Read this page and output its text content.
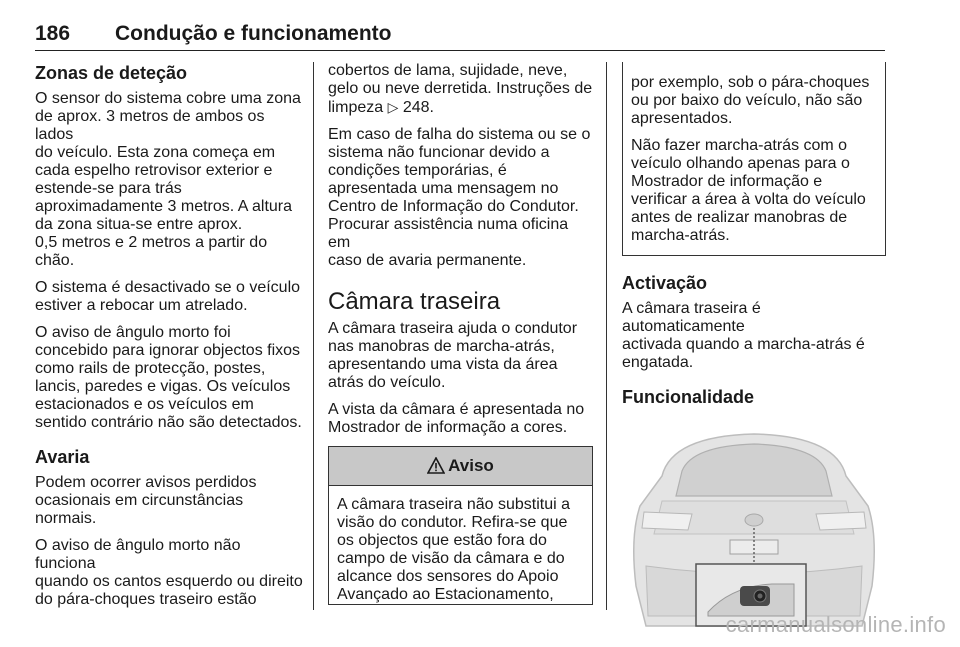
186 Condução e funcionamento
Zonas de deteção

O sensor do sistema cobre uma zona
de aprox. 3 metros de ambos os lados
do veículo. Esta zona começa em
cada espelho retrovisor exterior e
estende-se para trás
aproximadamente 3 metros. A altura
da zona situa-se entre aprox.
0,5 metros e 2 metros a partir do
chão.

O sistema é desactivado se o veículo
estiver a rebocar um atrelado.

O aviso de ângulo morto foi
concebido para ignorar objectos fixos
como rails de protecção, postes,
lancis, paredes e vigas. Os veículos
estacionados e os veículos em
sentido contrário não são detectados.

Avaria

Podem ocorrer avisos perdidos
ocasionais em circunstâncias
normais.

O aviso de ângulo morto não funciona
quando os cantos esquerdo ou direito
do pára-choques traseiro estão

cobertos de lama, sujidade, neve,
gelo ou neve derretida. Instruções de
limpeza ▷ 248.

Em caso de falha do sistema ou se o
sistema não funcionar devido a
condições temporárias, é
apresentada uma mensagem no
Centro de Informação do Condutor.
Procurar assistência numa oficina em
caso de avaria permanente.

Câmara traseira

A câmara traseira ajuda o condutor
nas manobras de marcha-atrás,
apresentando uma vista da área
atrás do veículo.

A vista da câmara é apresentada no
Mostrador de informação a cores.

Aviso

A câmara traseira não substitui a
visão do condutor. Refira-se que
os objectos que estão fora do
campo de visão da câmara e do
alcance dos sensores do Apoio
Avançado ao Estacionamento,

por exemplo, sob o pára-choques
ou por baixo do veículo, não são
apresentados.

Não fazer marcha-atrás com o
veículo olhando apenas para o
Mostrador de informação e
verificar a área à volta do veículo
antes de realizar manobras de
marcha-atrás.

Activação

A câmara traseira é automaticamente
activada quando a marcha-atrás é
engatada.

Funcionalidade
carmanualsonline.info
